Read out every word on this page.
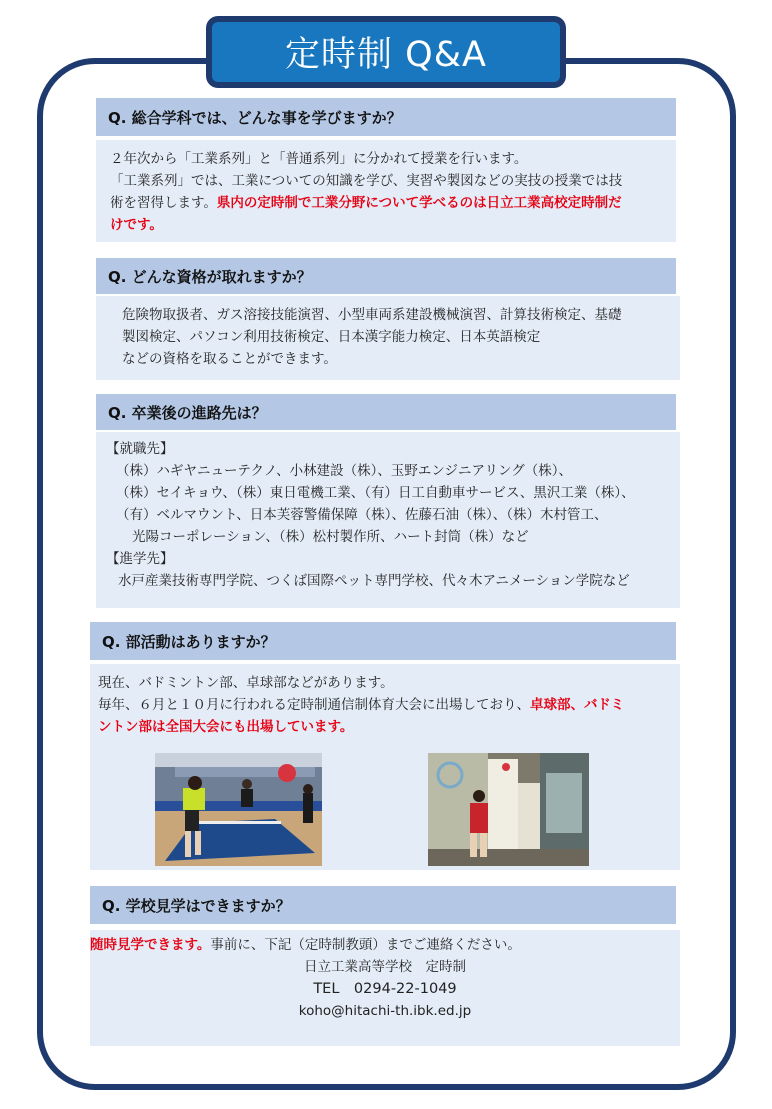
定時制 Q&A
Q. 総合学科では、どんな事を学びますか？
２年次から「工業系列」と「普通系列」に分かれて授業を行います。
「工業系列」では、工業についての知識を学び、実習や製図などの実技の授業では技
術を習得します。県内の定時制で工業分野について学べるのは日立工業高校定時制だ
けです。
Q. どんな資格が取れますか？
危険物取扱者、ガス溶接技能演習、小型車両系建設機械演習、計算技術検定、基礎
製図検定、パソコン利用技術検定、日本漢字能力検定、日本英語検定
などの資格を取ることができます。
Q. 卒業後の進路先は？
【就職先】
（株）ハギヤニューテクノ、小林建設（株）、玉野エンジニアリング（株）、
（株）セイキョウ、（株）東日電機工業、（有）日工自動車サービス、黒沢工業（株）、
（有）ベルマウント、日本芙蓉警備保障（株）、佐藤石油（株）、（株）木村管工、
光陽コーポレーション、（株）松村製作所、ハート封筒（株）など
【進学先】
水戸産業技術専門学院、つくば国際ペット専門学校、代々木アニメーション学院など
Q. 部活動はありますか？
現在、バドミントン部、卓球部などがあります。
毎年、６月と１０月に行われる定時制通信制体育大会に出場しており、卓球部、バドミ
ントン部は全国大会にも出場しています。
Q. 学校見学はできますか？
随時見学できます。事前に、下記（定時制教頭）までご連絡ください。
日立工業高等学校　定時制
TEL　0294-22-1049
koho@hitachi-th.ibk.ed.jp
